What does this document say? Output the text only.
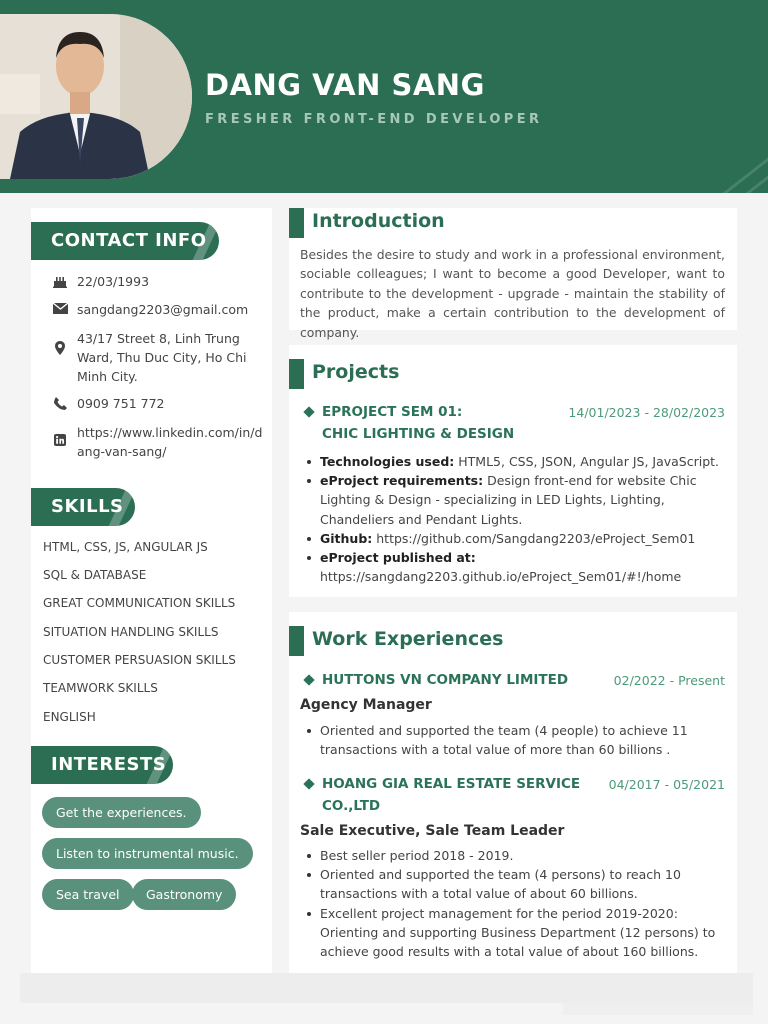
DANG VAN SANG
FRESHER FRONT-END DEVELOPER
CONTACT INFO
22/03/1993
sangdang2203@gmail.com
43/17 Street 8, Linh Trung Ward, Thu Duc City, Ho Chi Minh City.
0909 751 772
https://www.linkedin.com/in/dang-van-sang/
SKILLS
HTML, CSS, JS, ANGULAR JS
SQL & DATABASE
GREAT COMMUNICATION SKILLS
SITUATION HANDLING SKILLS
CUSTOMER PERSUASION SKILLS
TEAMWORK SKILLS
ENGLISH
INTERESTS
Get the experiences.
Listen to instrumental music.
Sea travel	Gastronomy
Introduction
Besides the desire to study and work in a professional environment, sociable colleagues; I want to become a good Developer, want to contribute to the development - upgrade - maintain the stability of the product, make a certain contribution to the development of company.
Projects
EPROJECT SEM 01:
CHIC LIGHTING & DESIGN
14/01/2023 - 28/02/2023
Technologies used: HTML5, CSS, JSON, Angular JS, JavaScript.
eProject requirements: Design front-end for website Chic Lighting & Design - specializing in LED Lights, Lighting, Chandeliers and Pendant Lights.
Github: https://github.com/Sangdang2203/eProject_Sem01
eProject published at:
https://sangdang2203.github.io/eProject_Sem01/#!/home
Work Experiences
HUTTONS VN COMPANY LIMITED	02/2022 - Present
Agency Manager
Oriented and supported the team (4 people) to achieve 11 transactions with a total value of more than 60 billions .
HOANG GIA REAL ESTATE SERVICE
CO.,LTD
04/2017 - 05/2021
Sale Executive, Sale Team Leader
Best seller period 2018 - 2019.
Oriented and supported the team (4 persons) to reach 10 transactions with a total value of about 60 billions.
Excellent project management for the period 2019-2020: Orienting and supporting Business Department (12 persons) to achieve good results with a total value of about 160 billions.
